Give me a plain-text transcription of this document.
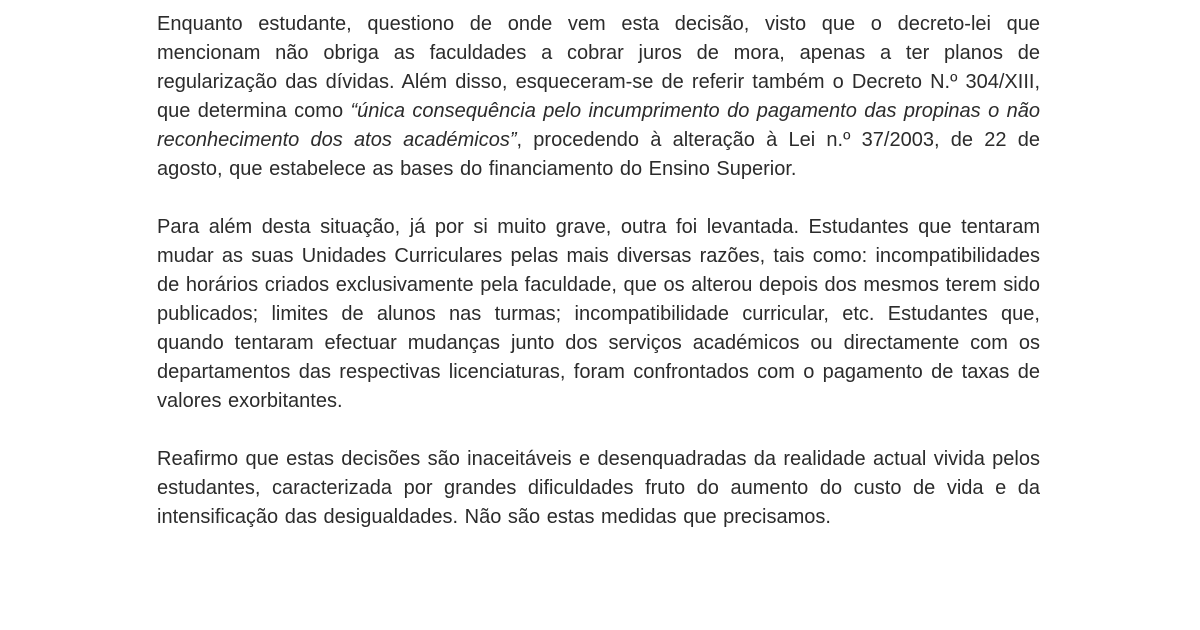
Enquanto estudante, questiono de onde vem esta decisão, visto que o decreto-lei que mencionam não obriga as faculdades a cobrar juros de mora, apenas a ter planos de regularização das dívidas. Além disso, esqueceram-se de referir também o Decreto N.º 304/XIII, que determina como “única consequência pelo incumprimento do pagamento das propinas o não reconhecimento dos atos académicos”, procedendo à alteração à Lei n.º 37/2003, de 22 de agosto, que estabelece as bases do financiamento do Ensino Superior.

Para além desta situação, já por si muito grave, outra foi levantada. Estudantes que tentaram mudar as suas Unidades Curriculares pelas mais diversas razões, tais como: incompatibilidades de horários criados exclusivamente pela faculdade, que os alterou depois dos mesmos terem sido publicados; limites de alunos nas turmas; incompatibilidade curricular, etc. Estudantes que, quando tentaram efectuar mudanças junto dos serviços académicos ou directamente com os departamentos das respectivas licenciaturas, foram confrontados com o pagamento de taxas de valores exorbitantes.

Reafirmo que estas decisões são inaceitáveis e desenquadradas da realidade actual vivida pelos estudantes, caracterizada por grandes dificuldades fruto do aumento do custo de vida e da intensificação das desigualdades. Não são estas medidas que precisamos.
